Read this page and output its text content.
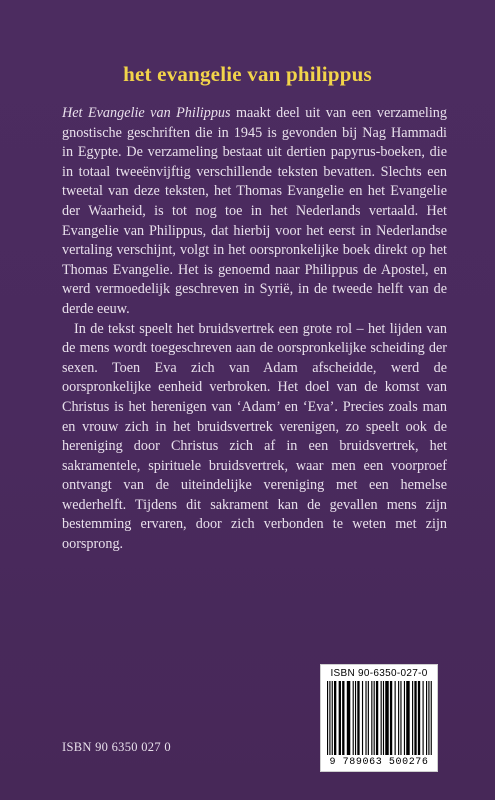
het evangelie van philippus

Het Evangelie van Philippus maakt deel uit van een verzameling gnostische geschriften die in 1945 is gevonden bij Nag Hammadi in Egypte. De verzameling bestaat uit dertien papyrus-boeken, die in totaal tweeënvijftig verschillende teksten bevatten. Slechts een tweetal van deze teksten, het Thomas Evangelie en het Evangelie der Waarheid, is tot nog toe in het Nederlands vertaald. Het Evangelie van Philippus, dat hierbij voor het eerst in Nederlandse vertaling verschijnt, volgt in het oorspronkelijke boek direkt op het Thomas Evangelie. Het is genoemd naar Philippus de Apostel, en werd vermoedelijk geschreven in Syrië, in de tweede helft van de derde eeuw.

In de tekst speelt het bruidsvertrek een grote rol – het lijden van de mens wordt toegeschreven aan de oorspronkelijke scheiding der sexen. Toen Eva zich van Adam afscheidde, werd de oorspronkelijke eenheid verbroken. Het doel van de komst van Christus is het herenigen van ‘Adam’ en ‘Eva’. Precies zoals man en vrouw zich in het bruidsvertrek verenigen, zo speelt ook de hereniging door Christus zich af in een bruidsvertrek, het sakramentele, spirituele bruidsvertrek, waar men een voorproef ontvangt van de uiteindelijke vereniging met een hemelse wederhelft. Tijdens dit sakrament kan de gevallen mens zijn bestemming ervaren, door zich verbonden te weten met zijn oorsprong.

ISBN 90-6350-027-0
9 789063 500276
ISBN 90 6350 027 0
